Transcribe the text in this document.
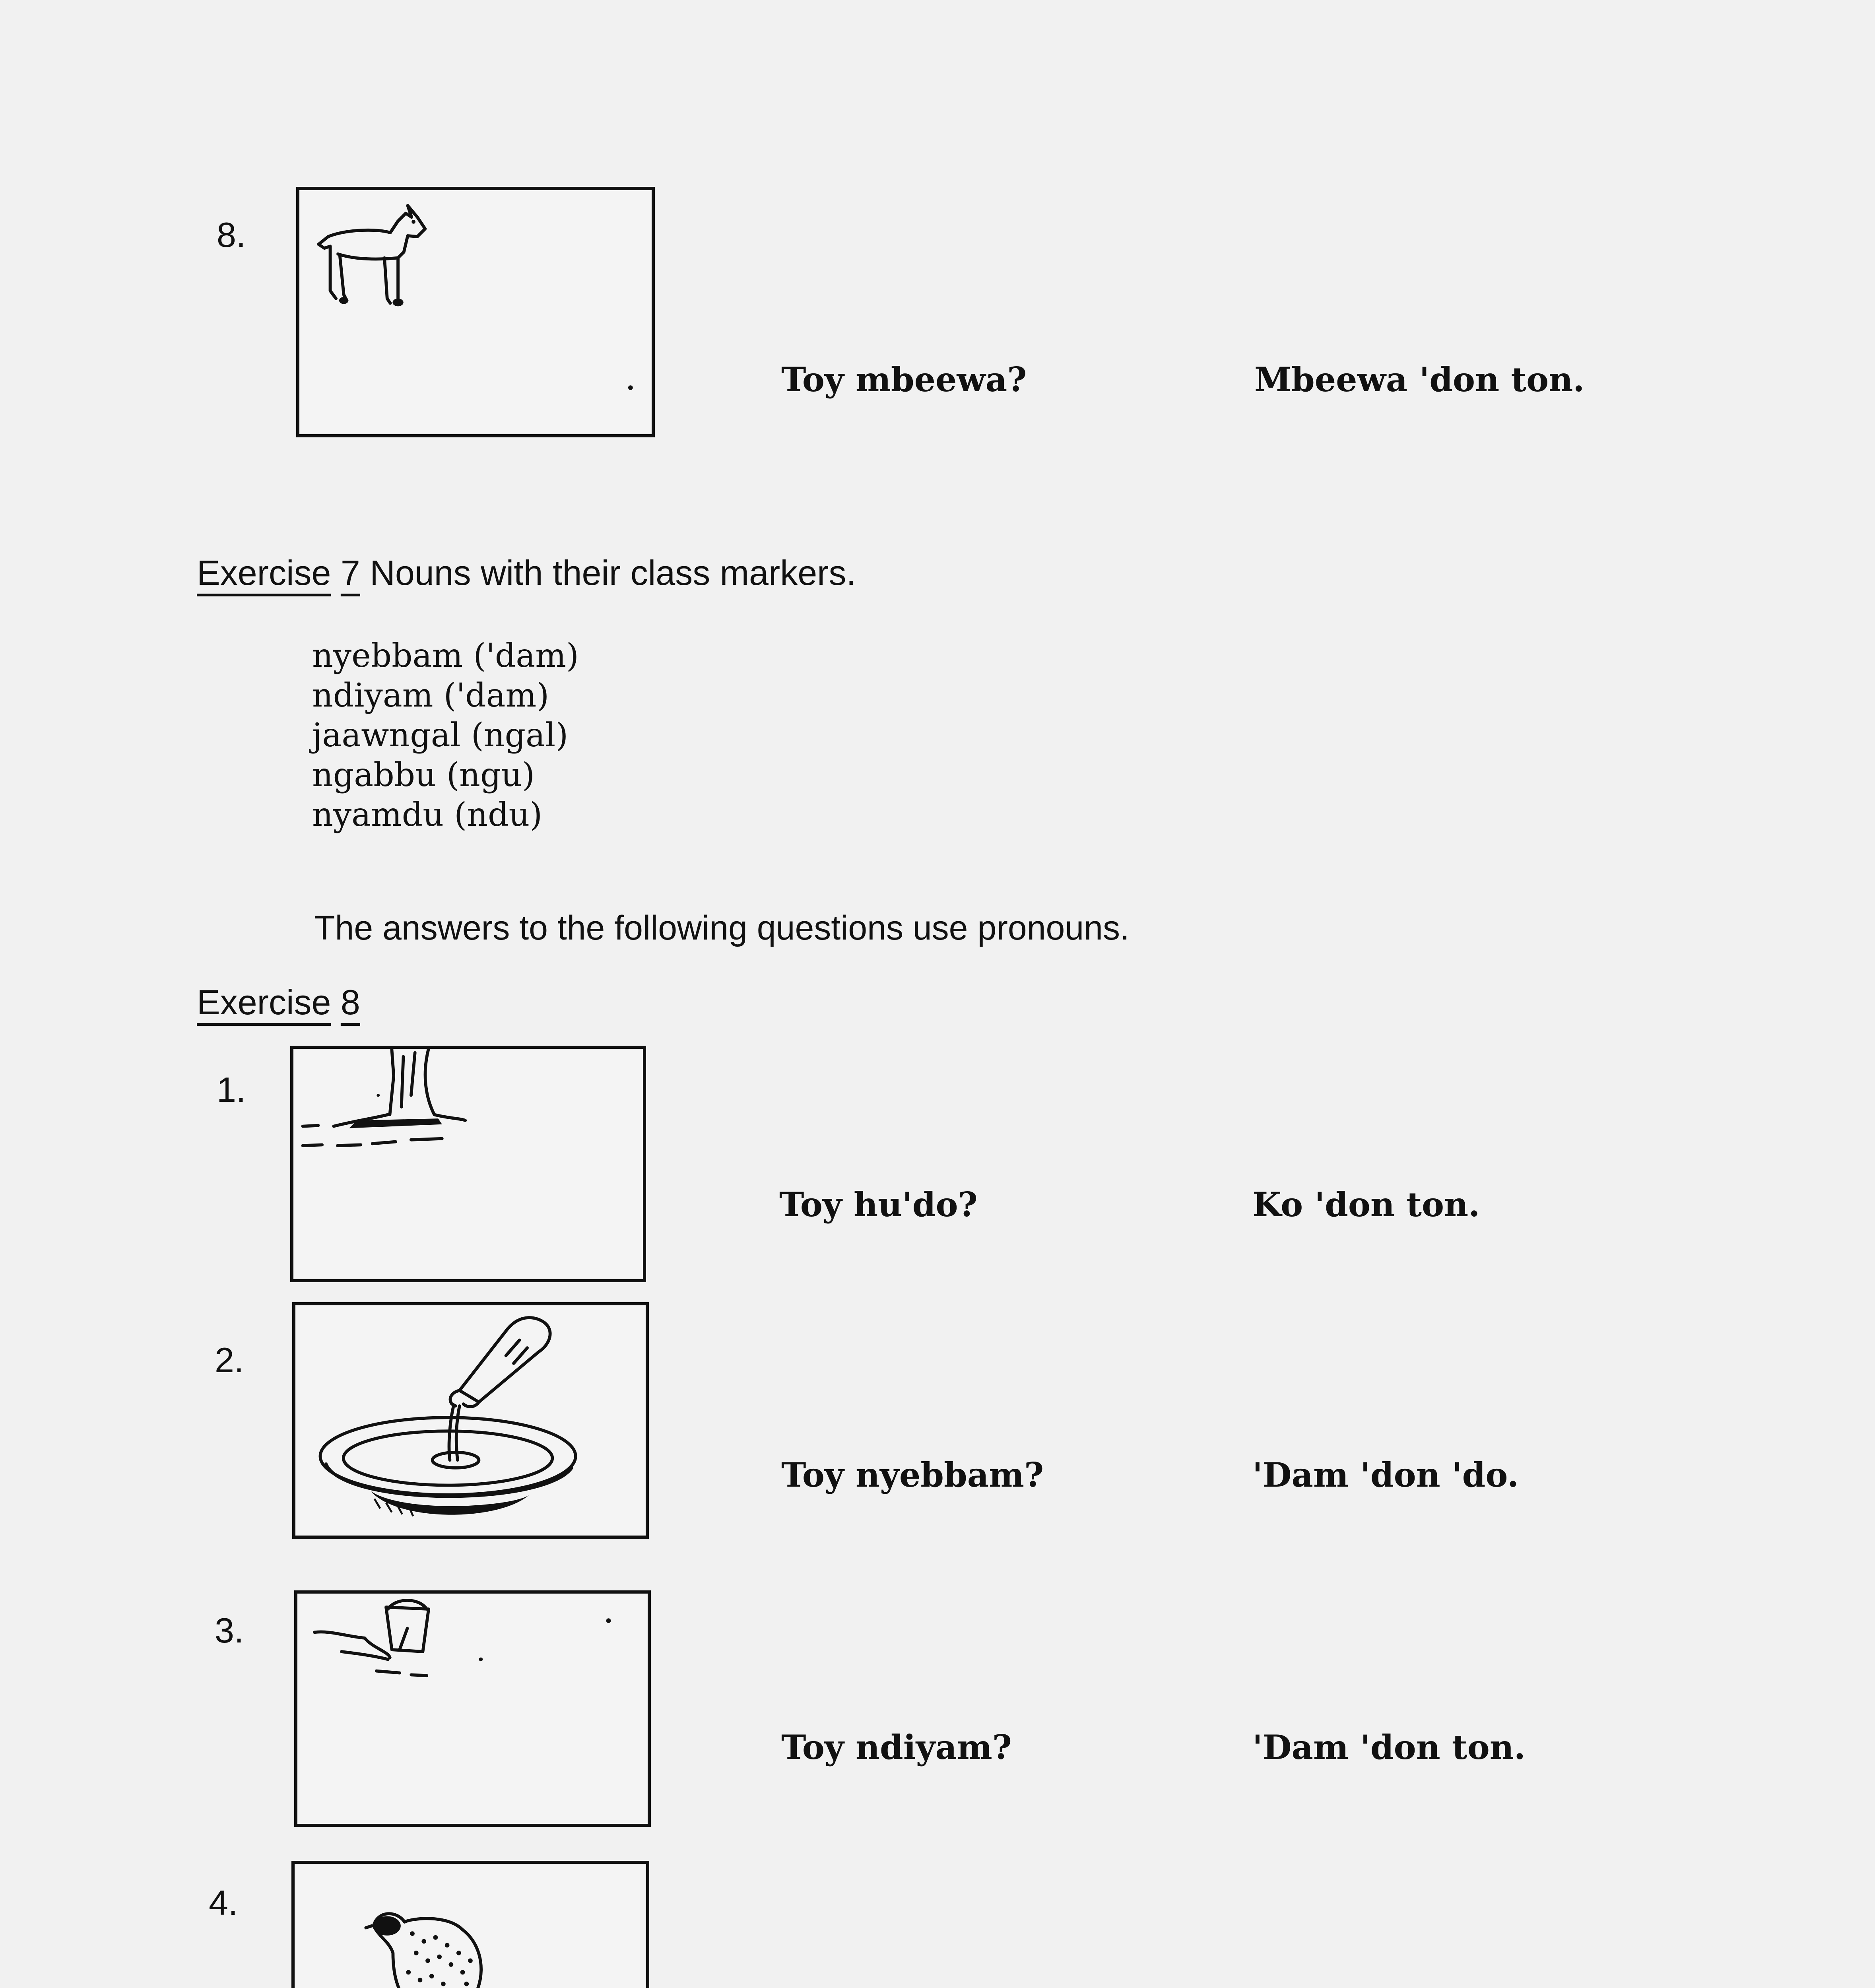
8.
Toy mbeewa?	Mbeewa 'don ton.
Exercise 7 Nouns with their class markers.
nyebbam ('dam)
ndiyam ('dam)
jaawngal (ngal)
ngabbu (ngu)
nyamdu (ndu)
The answers to the following questions use pronouns.
Exercise 8
1.
Toy hu'do?	Ko 'don ton.
2.
Toy nyebbam?	'Dam 'don 'do.
3.
Toy ndiyam?	'Dam 'don ton.
4.
